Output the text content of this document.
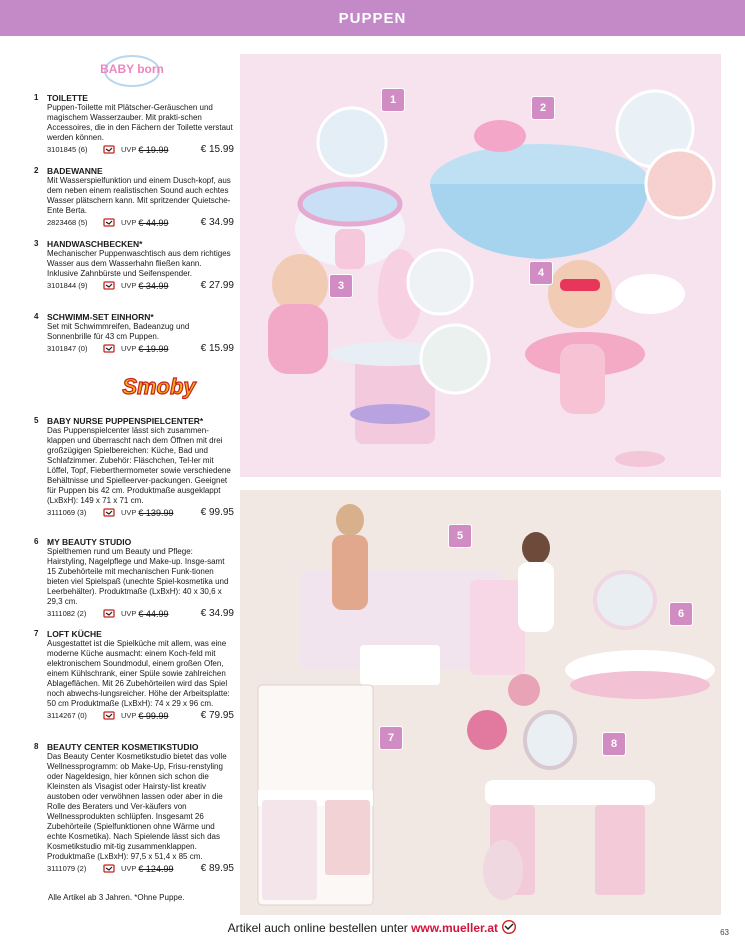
PUPPEN
BABY born
Smoby
1 TOILETTE

Puppen-Toilette mit Plätscher-Geräuschen und magischem Wasserzauber. Mit prakti-schen Accessoires, die in den Fächern der Toilette verstaut werden können.

3101845 (6)	UVP € 19.99	€ 15.99
2 BADEWANNE

Mit Wasserspielfunktion und einem Dusch-kopf, aus dem neben einem realistischen Sound auch echtes Wasser plätschern kann. Mit spritzender Quietsche-Ente Berta.

2823468 (5)	UVP € 44.99	€ 34.99
3 HANDWASCHBECKEN*

Mechanischer Puppenwaschtisch aus dem richtiges Wasser aus dem Wasserhahn fließen kann. Inklusive Zahnbürste und Seifenspender.

3101844 (9)	UVP € 34.99	€ 27.99
4 SCHWIMM-SET EINHORN*

Set mit Schwimmreifen, Badeanzug und Sonnenbrille für 43 cm Puppen.

3101847 (0)	UVP € 19.99	€ 15.99
5 BABY NURSE PUPPENSPIELCENTER*

Das Puppenspielcenter lässt sich zusammen-klappen und überrascht nach dem Öffnen mit drei großzügigen Spielbereichen: Küche, Bad und Schlafzimmer. Zubehör: Fläschchen, Tel-ler mit Löffel, Topf, Fieberthermometer sowie verschiedene Behältnisse und Spielleerver-packungen. Geeignet für Puppen bis 42 cm. Produktmaße ausgeklappt (LxBxH): 149 x 71 x 71 cm.

3111069 (3)	UVP € 139.99	€ 99.95
6 MY BEAUTY STUDIO

Spielthemen rund um Beauty und Pflege: Hairstyling, Nagelpflege und Make-up. Insge-samt 15 Zubehörteile mit mechanischen Funk-tionen bieten viel Spielspaß (unechte Spiel-kosmetika und Leerbehälter). Produktmaße (LxBxH): 40 x 30,6 x 29,3 cm.

3111082 (2)	UVP € 44.99	€ 34.99
7 LOFT KÜCHE

Ausgestattet ist die Spielküche mit allem, was eine moderne Küche ausmacht: einem Koch-feld mit elektronischem Soundmodul, einem großen Ofen, einem Kühlschrank, einer Spüle sowie zahlreichen Ablageflächen. Mit 26 Zubehörteilen wird das Spiel noch abwechs-lungsreicher. Höhe der Arbeitsplatte: 50 cm Produktmaße (LxBxH): 74 x 29 x 96 cm.

3114267 (0)	UVP € 99.99	€ 79.95
8 BEAUTY CENTER KOSMETIKSTUDIO

Das Beauty Center Kosmetikstudio bietet das volle Wellnessprogramm: ob Make-Up, Frisu-renstyling oder Nageldesign, hier können sich schon die Kleinsten als Visagist oder Hairsty-list kreativ austoben oder verwöhnen lassen oder aber in die Rolle des Beraters und Ver-käufers von Wellnessprodukten schlüpfen. Insgesamt 26 Zubehörteile (Spielfunktionen ohne Wärme und echte Kosmetika). Nach Spielende lässt sich das Kosmetikstudio mit-tig zusammenklappen. Produktmaße (LxBxH): 97,5 x 51,4 x 85 cm.

3111079 (2)	UVP € 124.99	€ 89.95
Alle Artikel ab 3 Jahren. *Ohne Puppe.
Artikel auch online bestellen unter www.mueller.at	63
1
2
3
4
5
6
7	8
